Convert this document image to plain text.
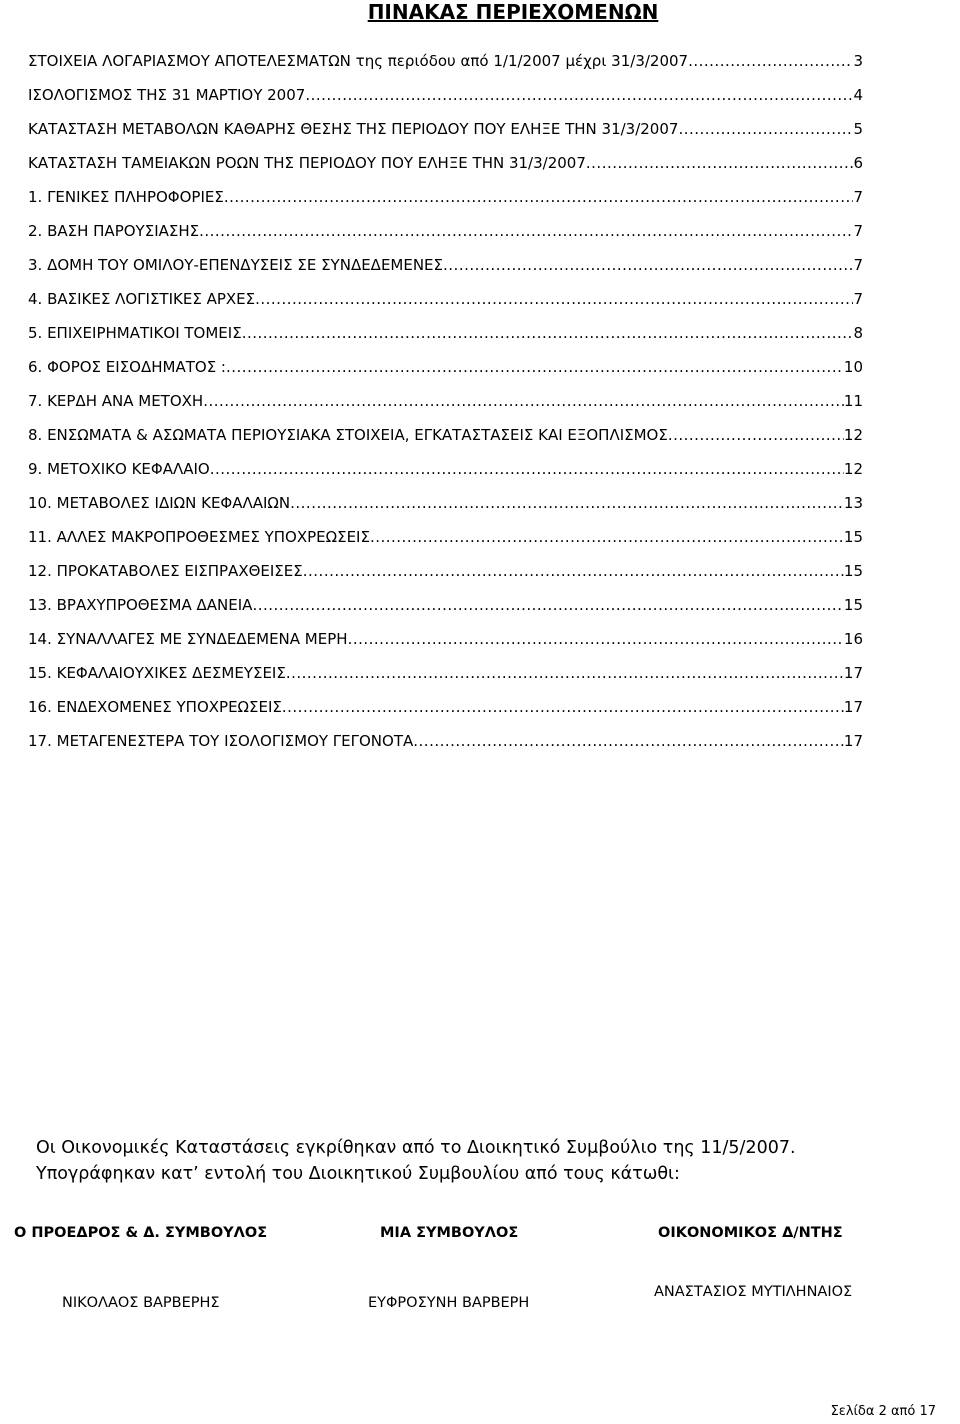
ΠΙΝΑΚΑΣ ΠΕΡΙΕΧΟΜΕΝΩΝ
ΣΤΟΙΧΕΙΑ ΛΟΓΑΡΙΑΣΜΟΥ ΑΠΟΤΕΛΕΣΜΑΤΩΝ της περιόδου από 1/1/2007 μέχρι 31/3/2007 .....	3
ΙΣΟΛΟΓΙΣΜΟΣ ΤΗΣ 31 ΜΑΡΤΙΟΥ 2007 .....	4
ΚΑΤΑΣΤΑΣΗ ΜΕΤΑΒΟΛΩΝ ΚΑΘΑΡΗΣ ΘΕΣΗΣ ΤΗΣ ΠΕΡΙΟΔΟΥ ΠΟΥ ΕΛΗΞΕ ΤΗΝ 31/3/2007 .....	5
ΚΑΤΑΣΤΑΣΗ ΤΑΜΕΙΑΚΩΝ ΡΟΩΝ ΤΗΣ ΠΕΡΙΟΔΟΥ ΠΟΥ ΕΛΗΞΕ ΤΗΝ 31/3/2007 .....	6
1. ΓΕΝΙΚΕΣ ΠΛΗΡΟΦΟΡΙΕΣ .....	7
2. ΒΑΣΗ ΠΑΡΟΥΣΙΑΣΗΣ .....	7
3. ΔΟΜΗ ΤΟΥ ΟΜΙΛΟΥ-ΕΠΕΝΔΥΣΕΙΣ ΣΕ ΣΥΝΔΕΔΕΜΕΝΕΣ .....	7
4. ΒΑΣΙΚΕΣ ΛΟΓΙΣΤΙΚΕΣ ΑΡΧΕΣ .....	7
5. ΕΠΙΧΕΙΡΗΜΑΤΙΚΟΙ ΤΟΜΕΙΣ .....	8
6. ΦΟΡΟΣ ΕΙΣΟΔΗΜΑΤΟΣ : .....	10
7. ΚΕΡΔΗ ΑΝΑ ΜΕΤΟΧΗ .....	11
8. ΕΝΣΩΜΑΤΑ & ΑΣΩΜΑΤΑ ΠΕΡΙΟΥΣΙΑΚΑ ΣΤΟΙΧΕΙΑ, ΕΓΚΑΤΑΣΤΑΣΕΙΣ ΚΑΙ ΕΞΟΠΛΙΣΜΟΣ .....	12
9. ΜΕΤΟΧΙΚΟ ΚΕΦΑΛΑΙΟ .....	12
10. ΜΕΤΑΒΟΛΕΣ ΙΔΙΩΝ ΚΕΦΑΛΑΙΩΝ .....	13
11. ΑΛΛΕΣ ΜΑΚΡΟΠΡΟΘΕΣΜΕΣ ΥΠΟΧΡΕΩΣΕΙΣ .....	15
12. ΠΡΟΚΑΤΑΒΟΛΕΣ ΕΙΣΠΡΑΧΘΕΙΣΕΣ .....	15
13. ΒΡΑΧΥΠΡΟΘΕΣΜΑ ΔΑΝΕΙΑ .....	15
14. ΣΥΝΑΛΛΑΓΕΣ ΜΕ ΣΥΝΔΕΔΕΜΕΝΑ ΜΕΡΗ .....	16
15. ΚΕΦΑΛΑΙΟΥΧΙΚΕΣ ΔΕΣΜΕΥΣΕΙΣ .....	17
16. ΕΝΔΕΧΟΜΕΝΕΣ ΥΠΟΧΡΕΩΣΕΙΣ .....	17
17. ΜΕΤΑΓΕΝΕΣΤΕΡΑ ΤΟΥ ΙΣΟΛΟΓΙΣΜΟΥ ΓΕΓΟΝΟΤΑ .....	17
Οι Οικονομικές Καταστάσεις εγκρίθηκαν από το Διοικητικό Συμβούλιο της 11/5/2007.
Υπογράφηκαν κατ’ εντολή του Διοικητικού Συμβουλίου από τους κάτωθι:
Ο ΠΡΟΕΔΡΟΣ & Δ. ΣΥΜΒΟΥΛΟΣ	ΜΙΑ ΣΥΜΒΟΥΛΟΣ	ΟΙΚΟΝΟΜΙΚΟΣ Δ/ΝΤΗΣ
ΝΙΚΟΛΑΟΣ ΒΑΡΒΕΡΗΣ	ΕΥΦΡΟΣΥΝΗ ΒΑΡΒΕΡΗ
ΑΝΑΣΤΑΣΙΟΣ ΜΥΤΙΛΗΝΑΙΟΣ
Σελίδα 2 από 17
